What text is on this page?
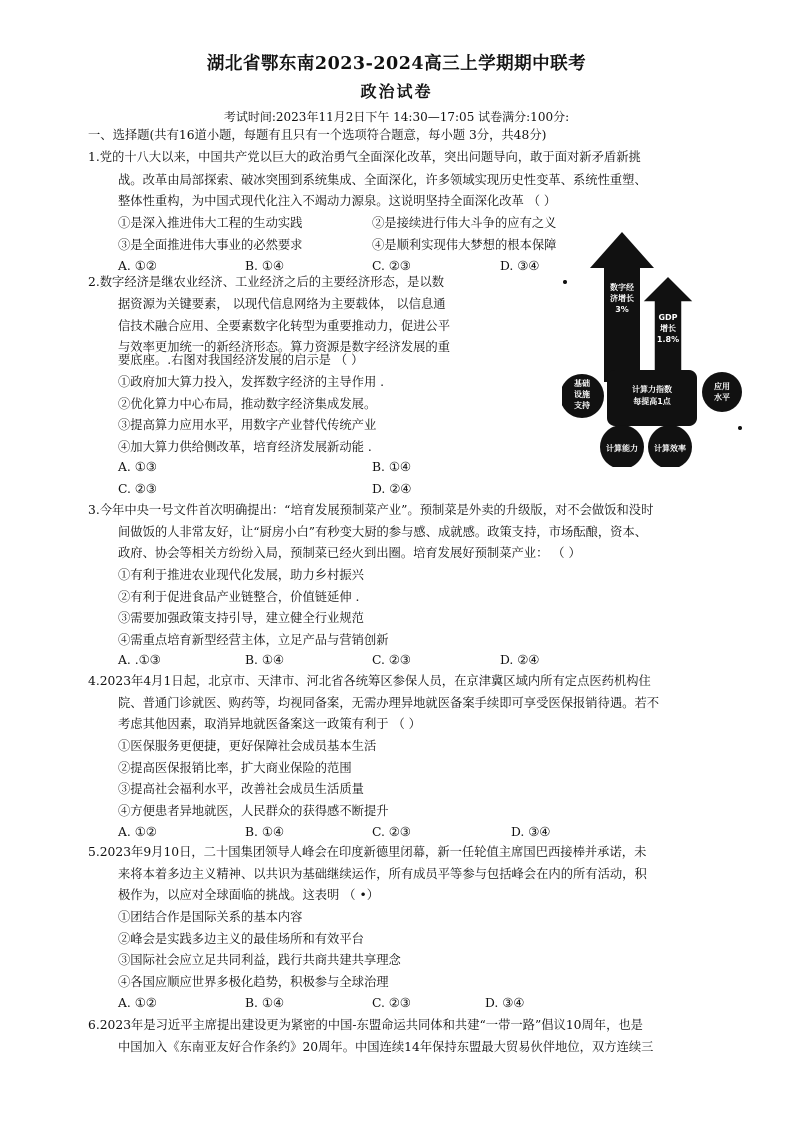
湖北省鄂东南2023-2024高三上学期期中联考
政治试卷
考试时间:2023年11月2日下午 14:30—17:05 试卷满分:100分:
一、选择题(共有16道小题，每题有且只有一个选项符合题意，每小题 3分，共48分)
1.党的十八大以来，中国共产党以巨大的政治勇气全面深化改革，突出问题导向，敢于面对新矛盾新挑
战。改革由局部探索、破冰突围到系统集成、全面深化，许多领域实现历史性变革、系统性重塑、
整体性重构，为中国式现代化注入不竭动力源泉。这说明坚持全面深化改革 （ ）
①是深入推进伟大工程的生动实践	②是接续进行伟大斗争的应有之义
③是全面推进伟大事业的必然要求	④是顺利实现伟大梦想的根本保障
A. ①②	B. ①④	C. ②③	D. ③④
2.数字经济是继农业经济、工业经济之后的主要经济形态，是以数
据资源为关键要素， 以现代信息网络为主要载体， 以信息通
信技术融合应用、全要素数字化转型为重要推动力，促进公平
与效率更加统一的新经济形态。算力资源是数字经济发展的重
要底座。.右图对我国经济发展的启示是 （ ）
①政府加大算力投入，发挥数字经济的主导作用 .
②优化算力中心布局，推动数字经济集成发展。
③提高算力应用水平，用数字产业替代传统产业
④加大算力供给侧改革，培育经济发展新动能 .
A. ①③	B. ①④
C. ②③	D. ②④
数字经
济增长
3%
GDP
增长
1.8%
计算力指数
每提高1点
基础
设施
支持
应用
水平
计算能力 计算效率
3.今年中央一号文件首次明确提出：“培育发展预制菜产业”。预制菜是外卖的升级版，对不会做饭和没时
间做饭的人非常友好，让“厨房小白”有秒变大厨的参与感、成就感。政策支持，市场酝酿，资本、
政府、协会等相关方纷纷入局，预制菜已经火到出圈。培育发展好预制菜产业： （ ）
①有利于推进农业现代化发展，助力乡村振兴
②有利于促进食品产业链整合，价值链延伸 .
③需要加强政策支持引导，建立健全行业规范
④需重点培育新型经营主体，立足产品与营销创新
A. .①③	B. ①④	C. ②③	D. ②④
4.2023年4月1日起，北京市、天津市、河北省各统筹区参保人员，在京津冀区域内所有定点医药机构住
院、普通门诊就医、购药等，均视同备案，无需办理异地就医备案手续即可享受医保报销待遇。若不
考虑其他因素，取消异地就医备案这一政策有利于 （ ）
①医保服务更便捷，更好保障社会成员基本生活
②提高医保报销比率，扩大商业保险的范围
③提高社会福利水平，改善社会成员生活质量
④方便患者异地就医，人民群众的获得感不断提升
A. ①②	B. ①④	C. ②③	D. ③④
5.2023年9月10日，二十国集团领导人峰会在印度新德里闭幕，新一任轮值主席国巴西接棒并承诺，未
来将本着多边主义精神、以共识为基础继续运作，所有成员平等参与包括峰会在内的所有活动，积
极作为，以应对全球面临的挑战。这表明 （ •）
①团结合作是国际关系的基本内容
②峰会是实践多边主义的最佳场所和有效平台
③国际社会应立足共同利益，践行共商共建共享理念
④各国应顺应世界多极化趋势，积极参与全球治理
A. ①②	B. ①④	C. ②③	D. ③④
6.2023年是习近平主席提出建设更为紧密的中国-东盟命运共同体和共建“一带一路”倡议10周年，也是
中国加入《东南亚友好合作条约》20周年。中国连续14年保持东盟最大贸易伙伴地位，双方连续三
